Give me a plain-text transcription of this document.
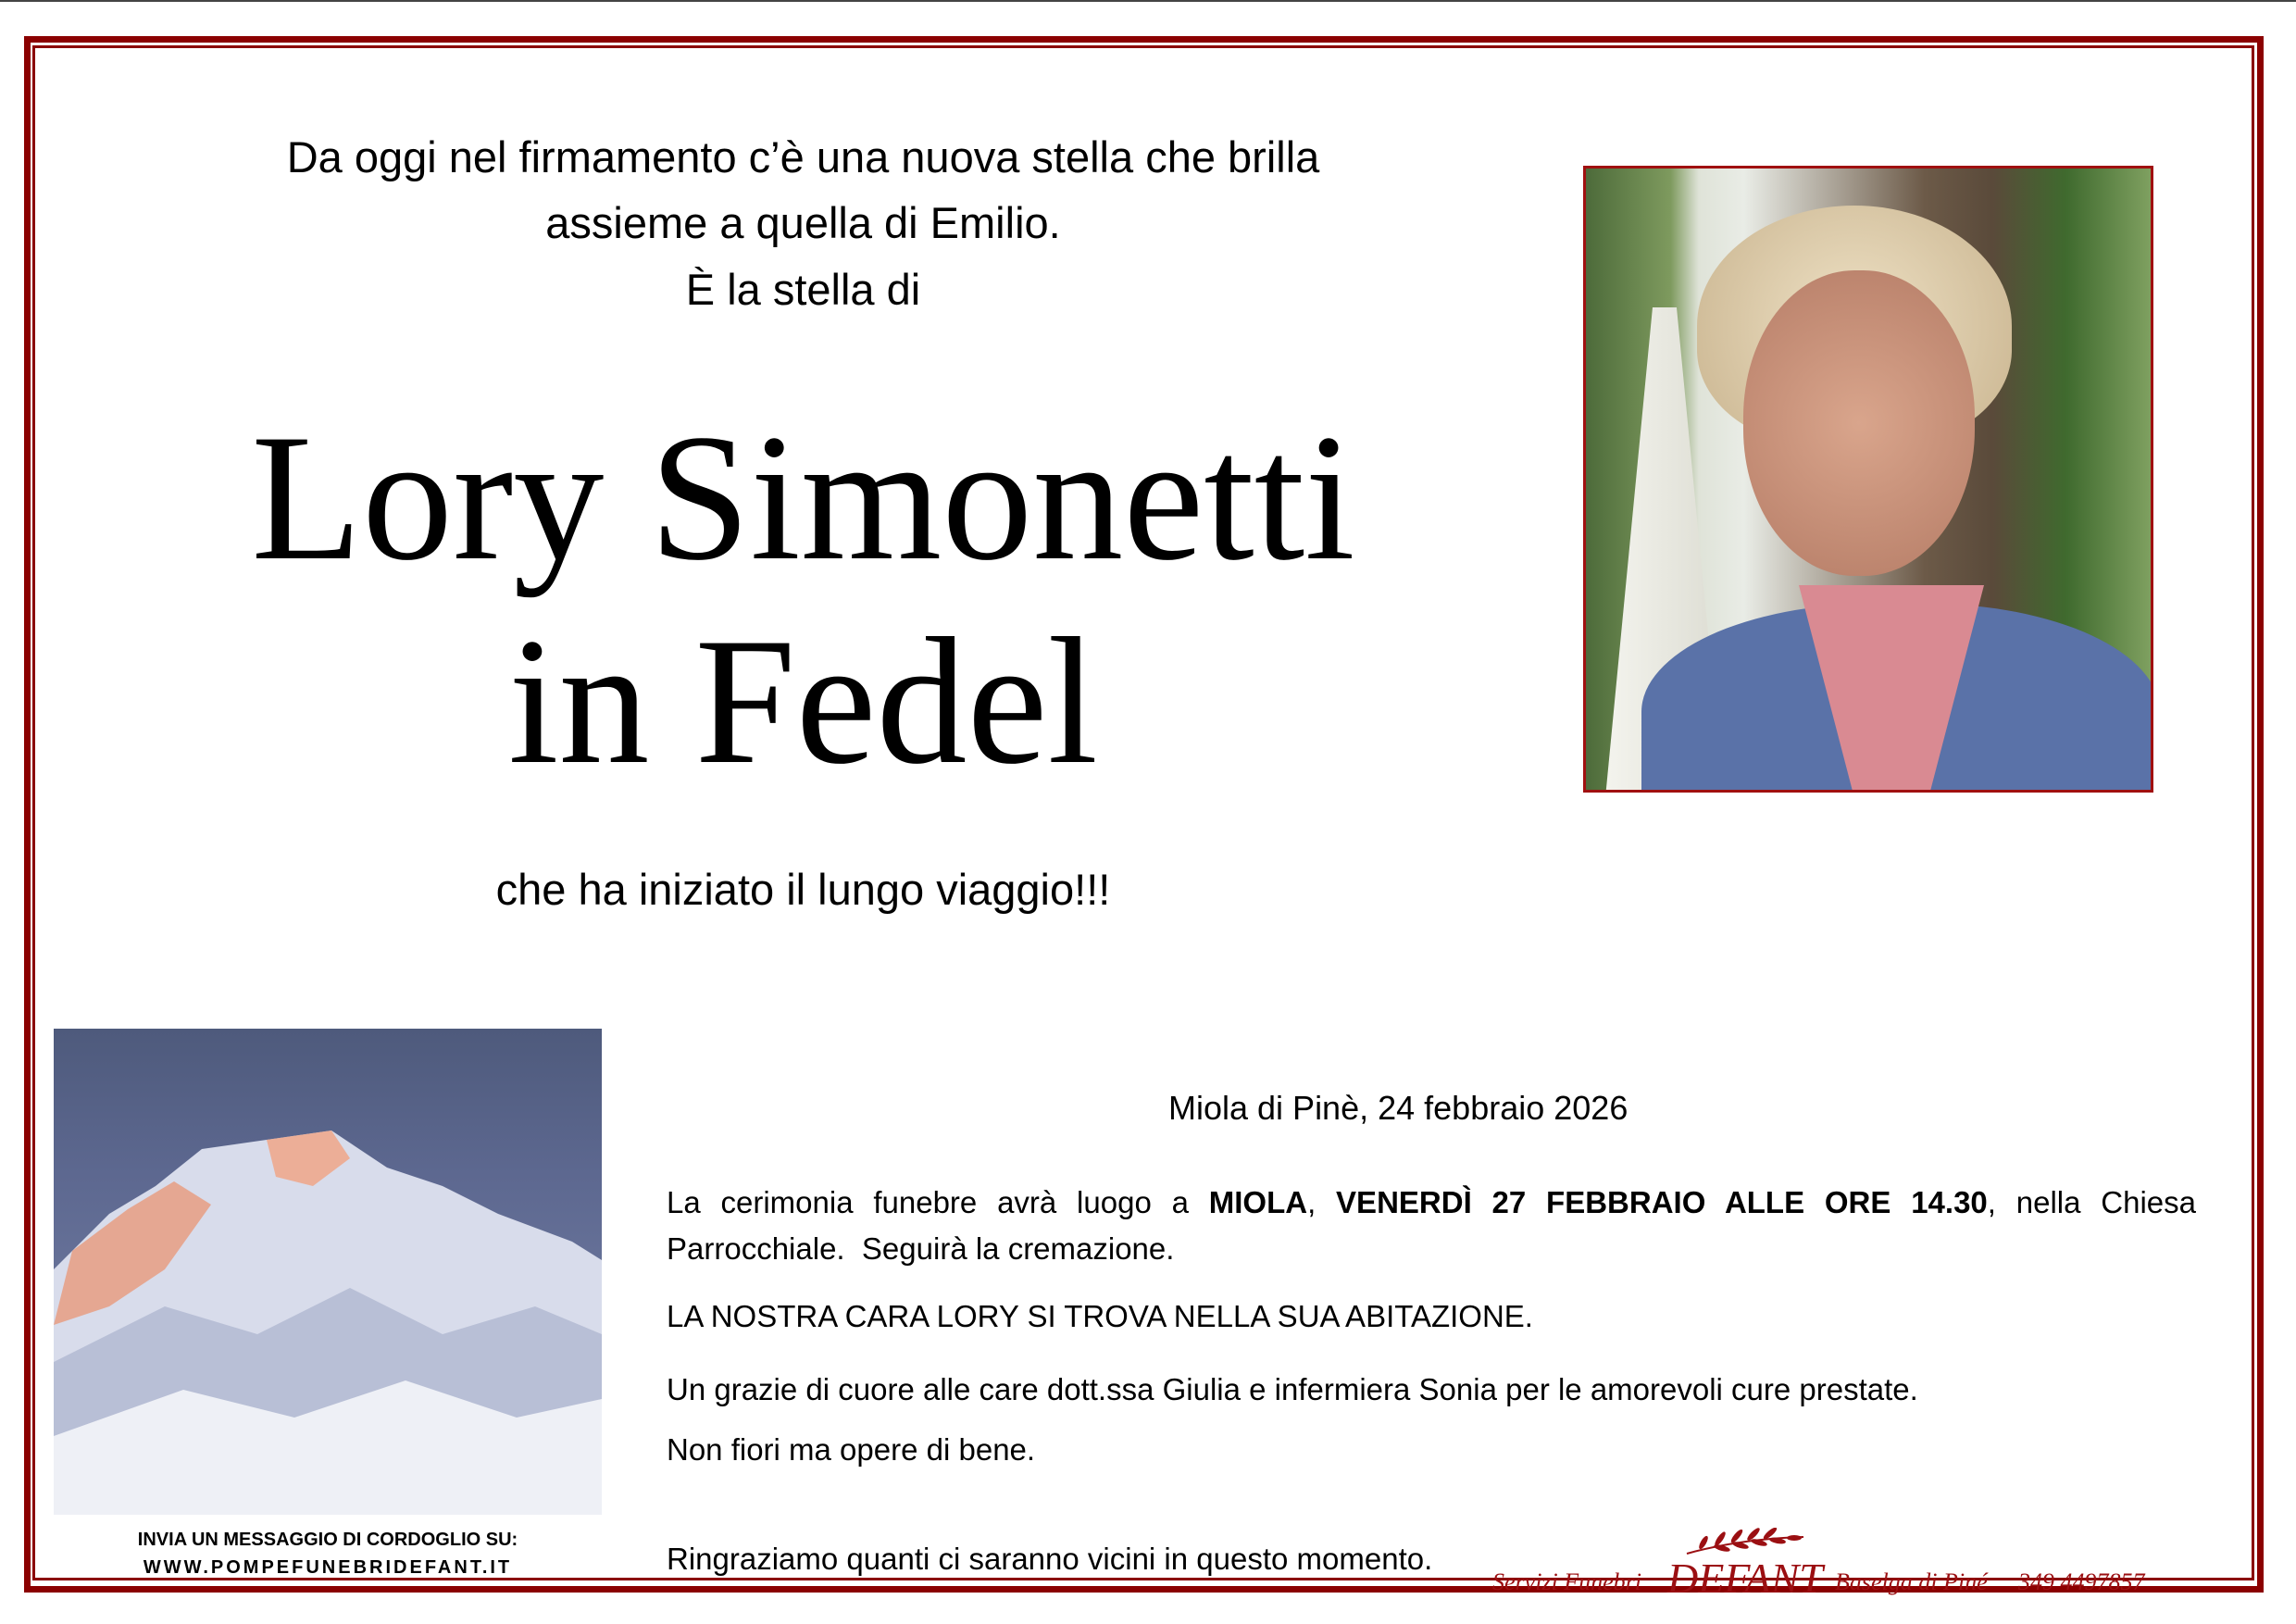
Da oggi nel firmamento c’è una nuova stella che brilla
assieme a quella di Emilio.
È la stella di
Lory Simonetti
in Fedel
che ha iniziato il lungo viaggio!!!
INVIA UN MESSAGGIO DI CORDOGLIO SU:
WWW.POMPEFUNEBRIDEFANT.IT
Miola di Pinè, 24 febbraio 2026
La cerimonia funebre avrà luogo a MIOLA, VENERDÌ 27 FEBBRAIO ALLE ORE 14.30, nella Chiesa
Parrocchiale.  Seguirà la cremazione.
LA NOSTRA CARA LORY SI TROVA NELLA SUA ABITAZIONE.
Un grazie di cuore alle care dott.ssa Giulia e infermiera Sonia per le amorevoli cure prestate.
Non fiori ma opere di bene.
Ringraziamo quanti ci saranno vicini in questo momento.
Servizi Funebri DEFANT Baselga di Piné 349 4497857
